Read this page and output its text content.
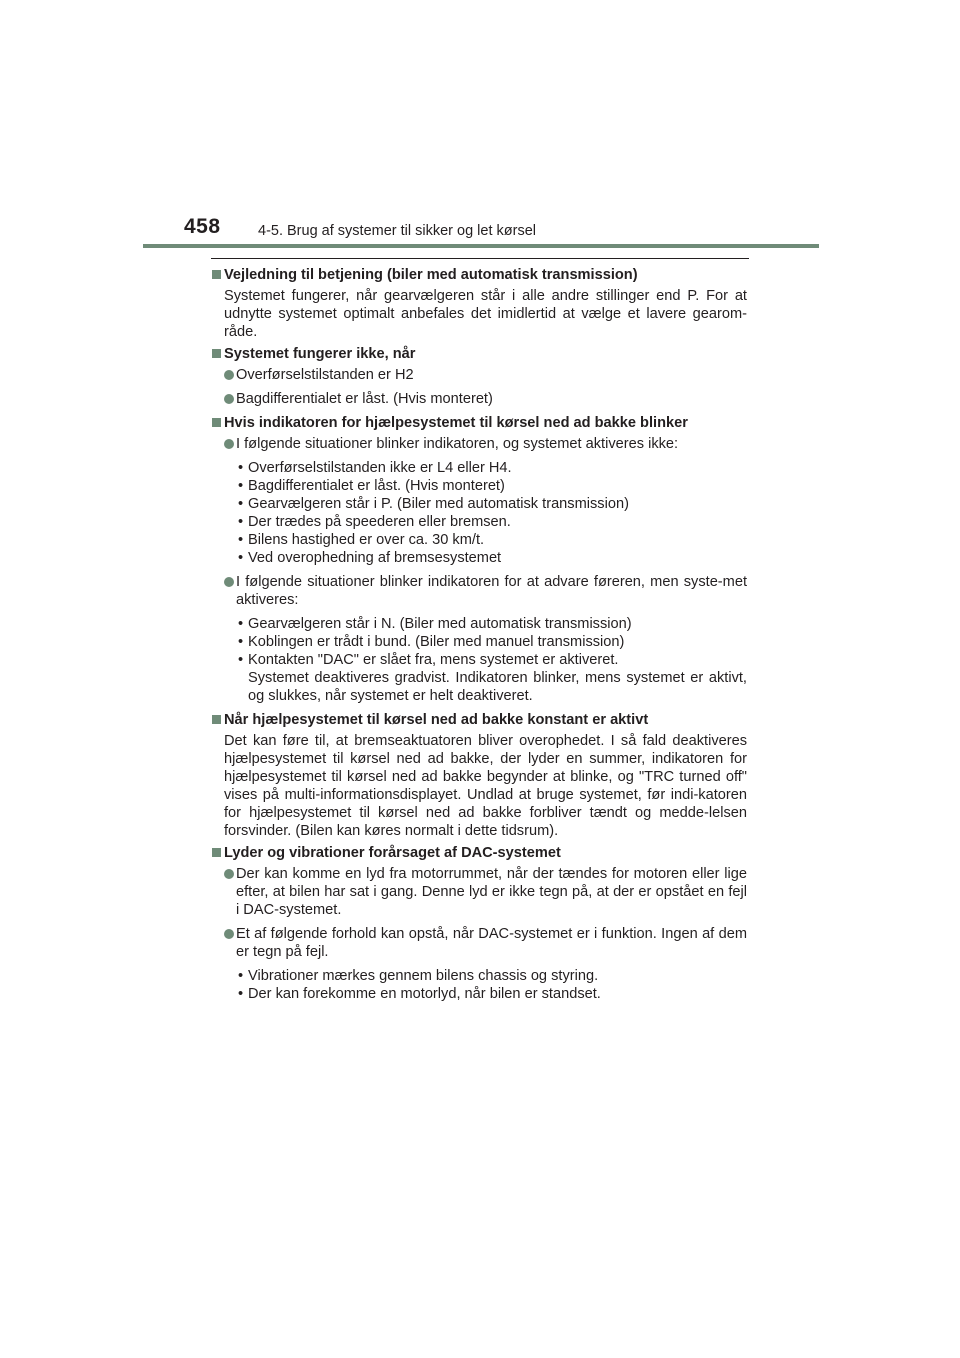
458	4-5. Brug af systemer til sikker og let kørsel
Vejledning til betjening (biler med automatisk transmission)
Systemet fungerer, når gearvælgeren står i alle andre stillinger end P. For at udnytte systemet optimalt anbefales det imidlertid at vælge et lavere gearom-råde.
Systemet fungerer ikke, når
Overførselstilstanden er H2
Bagdifferentialet er låst. (Hvis monteret)
Hvis indikatoren for hjælpesystemet til kørsel ned ad bakke blinker
I følgende situationer blinker indikatoren, og systemet aktiveres ikke:
• Overførselstilstanden ikke er L4 eller H4.
• Bagdifferentialet er låst. (Hvis monteret)
• Gearvælgeren står i P. (Biler med automatisk transmission)
• Der trædes på speederen eller bremsen.
• Bilens hastighed er over ca. 30 km/t.
• Ved overophedning af bremsesystemet
I følgende situationer blinker indikatoren for at advare føreren, men syste-met aktiveres:
• Gearvælgeren står i N. (Biler med automatisk transmission)
• Koblingen er trådt i bund. (Biler med manuel transmission)
• Kontakten "DAC" er slået fra, mens systemet er aktiveret.
Systemet deaktiveres gradvist. Indikatoren blinker, mens systemet er aktivt, og slukkes, når systemet er helt deaktiveret.
Når hjælpesystemet til kørsel ned ad bakke konstant er aktivt
Det kan føre til, at bremseaktuatoren bliver overophedet. I så fald deaktiveres hjælpesystemet til kørsel ned ad bakke, der lyder en summer, indikatoren for hjælpesystemet til kørsel ned ad bakke begynder at blinke, og "TRC turned off" vises på multi-informationsdisplayet. Undlad at bruge systemet, før indi-katoren for hjælpesystemet til kørsel ned ad bakke forbliver tændt og medde-lelsen forsvinder. (Bilen kan køres normalt i dette tidsrum).
Lyder og vibrationer forårsaget af DAC-systemet
Der kan komme en lyd fra motorrummet, når der tændes for motoren eller lige efter, at bilen har sat i gang. Denne lyd er ikke tegn på, at der er opstået en fejl i DAC-systemet.
Et af følgende forhold kan opstå, når DAC-systemet er i funktion. Ingen af dem er tegn på fejl.
• Vibrationer mærkes gennem bilens chassis og styring.
• Der kan forekomme en motorlyd, når bilen er standset.
